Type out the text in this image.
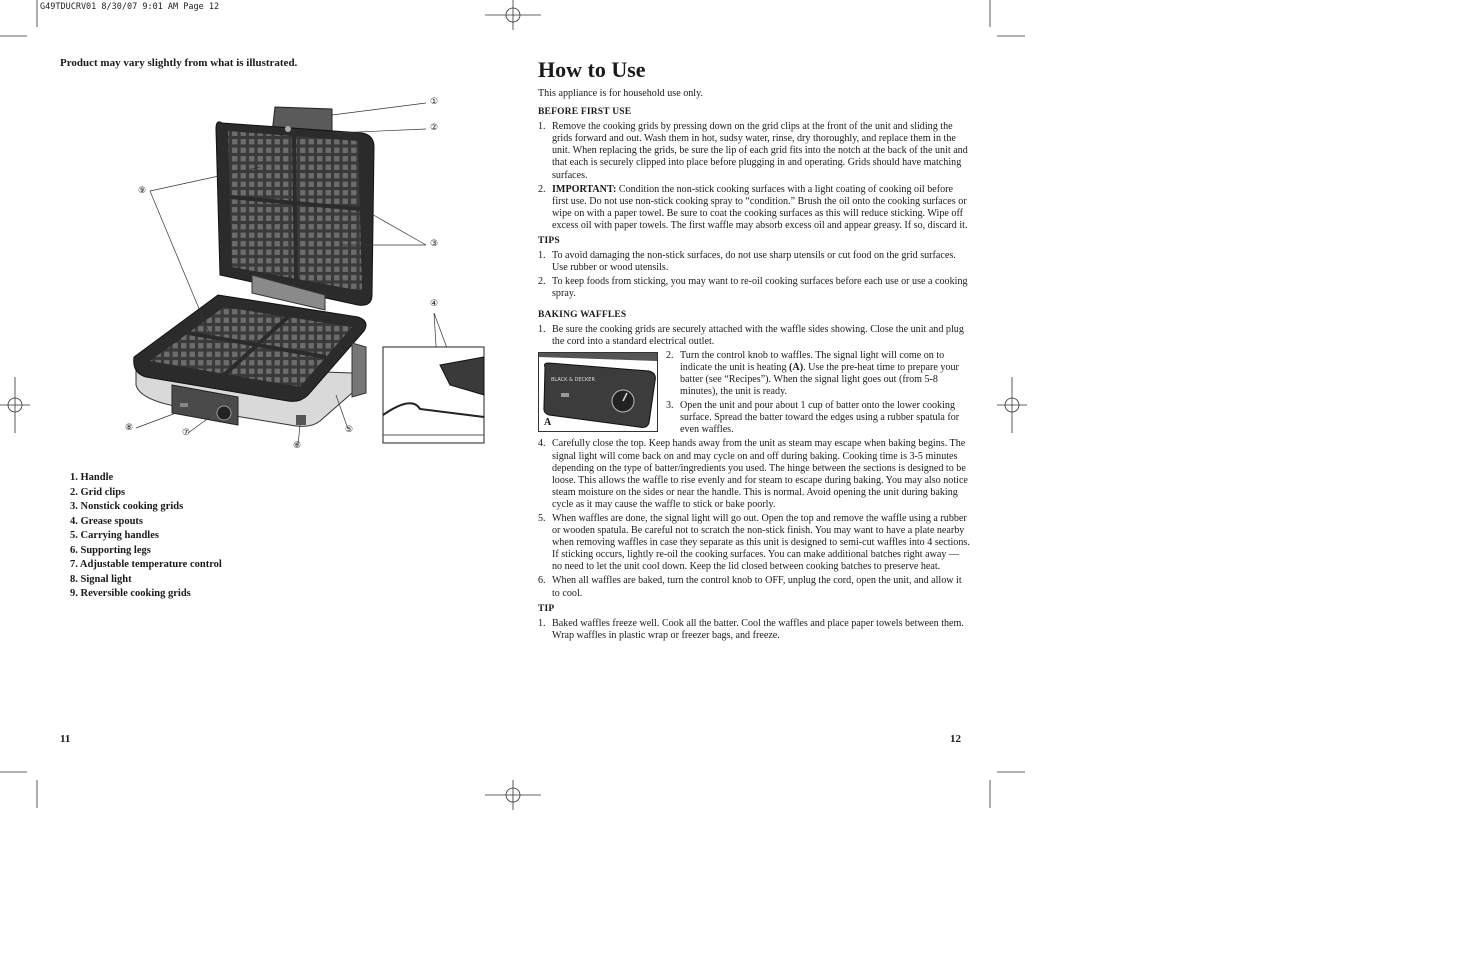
G49TDUCRV01 8/30/07 9:01 AM Page 12
Product may vary slightly from what is illustrated.
①
②
③
④
⑤
⑥
⑦
⑧
⑨
1. Handle
2. Grid clips
3. Nonstick cooking grids
4. Grease spouts
5. Carrying handles
6. Supporting legs
7. Adjustable temperature control
8. Signal light
9. Reversible cooking grids
11
How to Use
This appliance is for household use only.
BEFORE FIRST USE
1. Remove the cooking grids by pressing down on the grid clips at the front of the unit and sliding the grids forward and out. Wash them in hot, sudsy water, rinse, dry thoroughly, and replace them in the unit. When replacing the grids, be sure the lip of each grid fits into the notch at the back of the unit and that each is securely clipped into place before plugging in and operating. Grids should have matching surfaces.
2. IMPORTANT: Condition the non-stick cooking surfaces with a light coating of cooking oil before first use. Do not use non-stick cooking spray to “condition.” Brush the oil onto the cooking surfaces or wipe on with a paper towel. Be sure to coat the cooking surfaces as this will reduce sticking. Wipe off excess oil with paper towels. The first waffle may absorb excess oil and appear greasy. If so, discard it.
TIPS
1. To avoid damaging the non-stick surfaces, do not use sharp utensils or cut food on the grid surfaces. Use rubber or wood utensils.
2. To keep foods from sticking, you may want to re-oil cooking surfaces before each use or use a cooking spray.
BAKING WAFFLES
1. Be sure the cooking grids are securely attached with the waffle sides showing. Close the unit and plug the cord into a standard electrical outlet.
BLACK & DECKER
A
2. Turn the control knob to waffles. The signal light will come on to indicate the unit is heating (A). Use the pre-heat time to prepare your batter (see “Recipes”). When the signal light goes out (from 5-8 minutes), the unit is ready.
3. Open the unit and pour about 1 cup of batter onto the lower cooking surface. Spread the batter toward the edges using a rubber spatula for even waffles.
4. Carefully close the top. Keep hands away from the unit as steam may escape when baking begins. The signal light will come back on and may cycle on and off during baking. Cooking time is 3-5 minutes depending on the type of batter/ingredients you used. The hinge between the sections is designed to be loose. This allows the waffle to rise evenly and for steam to escape during baking. You may also notice steam moisture on the sides or near the handle. This is normal. Avoid opening the unit during baking cycle as it may cause the waffle to stick or bake poorly.
5. When waffles are done, the signal light will go out. Open the top and remove the waffle using a rubber or wooden spatula. Be careful not to scratch the non-stick finish. You may want to have a plate nearby when removing waffles in case they separate as this unit is designed to semi-cut waffles into 4 sections. If sticking occurs, lightly re-oil the cooking surfaces. You can make additional batches right away — no need to let the unit cool down. Keep the lid closed between cooking batches to preserve heat.
6. When all waffles are baked, turn the control knob to OFF, unplug the cord, open the unit, and allow it to cool.
TIP
1. Baked waffles freeze well. Cook all the batter. Cool the waffles and place paper towels between them. Wrap waffles in plastic wrap or freezer bags, and freeze.
12
